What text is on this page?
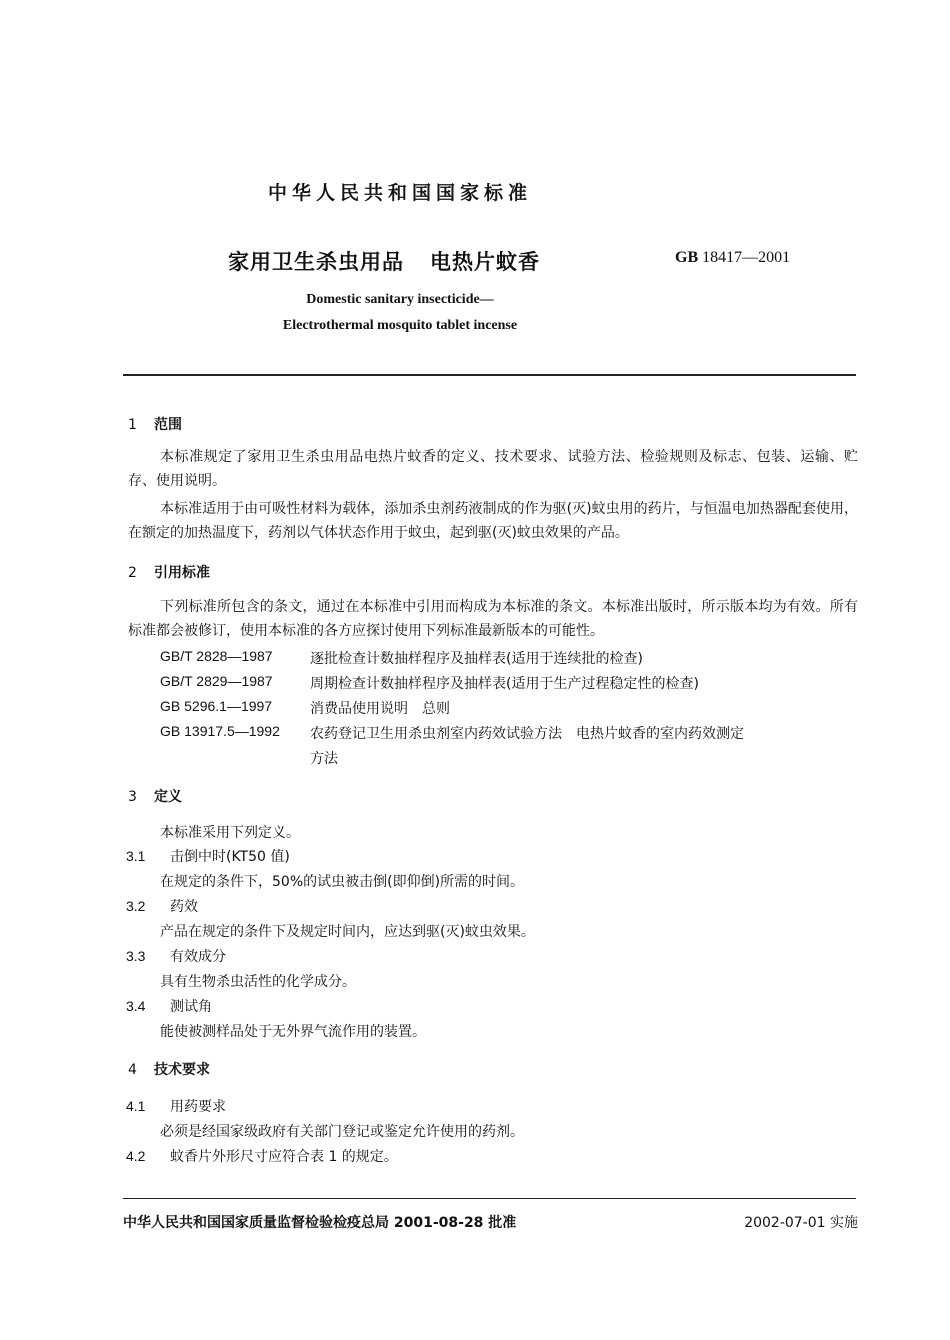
中华人民共和国国家标准
家用卫生杀虫用品 电热片蚊香	GB 18417—2001
Domestic sanitary insecticide—
Electrothermal mosquito tablet incense
1 范围
本标准规定了家用卫生杀虫用品电热片蚊香的定义、技术要求、试验方法、检验规则及标志、包装、运输、贮存、使用说明。
本标准适用于由可吸性材料为载体，添加杀虫剂药液制成的作为驱(灭)蚊虫用的药片，与恒温电加热器配套使用，在额定的加热温度下，药剂以气体状态作用于蚊虫，起到驱(灭)蚊虫效果的产品。
2 引用标准
下列标准所包含的条文，通过在本标准中引用而构成为本标准的条文。本标准出版时，所示版本均为有效。所有标准都会被修订，使用本标准的各方应探讨使用下列标准最新版本的可能性。
GB/T 2828—1987	逐批检查计数抽样程序及抽样表(适用于连续批的检查)
GB/T 2829—1987	周期检查计数抽样程序及抽样表(适用于生产过程稳定性的检查)
GB 5296.1—1997	消费品使用说明　总则
GB 13917.5—1992 农药登记卫生用杀虫剂室内药效试验方法　电热片蚊香的室内药效测定
方法
3 定义
本标准采用下列定义。
3.1 击倒中时(KT50 值)
在规定的条件下，50%的试虫被击倒(即仰倒)所需的时间。
3.2 药效
产品在规定的条件下及规定时间内，应达到驱(灭)蚊虫效果。
3.3 有效成分
具有生物杀虫活性的化学成分。
3.4 测试角
能使被测样品处于无外界气流作用的装置。
4 技术要求
4.1 用药要求
必须是经国家级政府有关部门登记或鉴定允许使用的药剂。
4.2 蚊香片外形尺寸应符合表 1 的规定。
中华人民共和国国家质量监督检验检疫总局 2001-08-28 批准	2002-07-01 实施
